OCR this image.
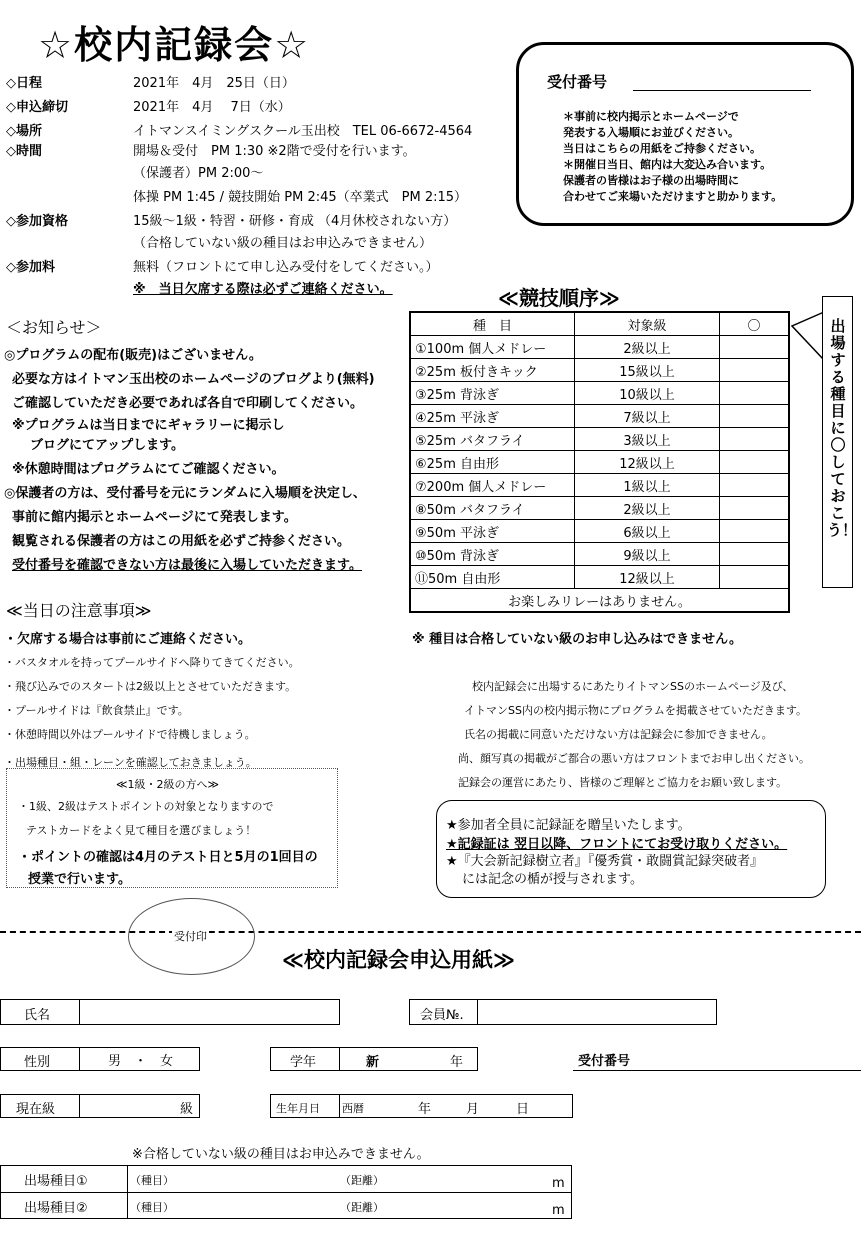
☆校内記録会☆
◇日程	2021年　4月　25日（日）
◇申込締切	2021年　4月　 7日（水）
◇場所	イトマンスイミングスクール玉出校　TEL 06-6672-4564
◇時間	開場＆受付　PM 1:30 ※2階で受付を行います。
（保護者）PM 2:00～
体操 PM 1:45 / 競技開始 PM 2:45（卒業式　PM 2:15）
◇参加資格	15級～1級・特習・研修・育成 （4月休校されない方）
（合格していない級の種目はお申込みできません）
◇参加料	無料（フロントにて申し込み受付をしてください。）
※　当日欠席する際は必ずご連絡ください。
受付番号
＊事前に校内掲示とホームページで
発表する入場順にお並びください。
当日はこちらの用紙をご持参ください。
＊開催日当日、館内は大変込み合います。
保護者の皆様はお子様の出場時間に
合わせてご来場いただけますと助かります。
＜お知らせ＞
◎プログラムの配布(販売)はございません。
必要な方はイトマン玉出校のホームページのブログより(無料)
ご確認していただき必要であれば各自で印刷してください。
※プログラムは当日までにギャラリーに掲示し
ブログにてアップします。
※休憩時間はプログラムにてご確認ください。
◎保護者の方は、受付番号を元にランダムに入場順を決定し、
事前に館内掲示とホームページにて発表します。
観覧される保護者の方はこの用紙を必ずご持参ください。
受付番号を確認できない方は最後に入場していただきます。
≪競技順序≫
種　目	対象級	〇
①100m 個人メドレー	2級以上	
②25m 板付きキック	15級以上	
③25m 背泳ぎ	10級以上	
④25m 平泳ぎ	7級以上	
⑤25m バタフライ	3級以上	
⑥25m 自由形	12級以上	
⑦200m 個人メドレー	1級以上	
⑧50m バタフライ	2級以上	
⑨50m 平泳ぎ	6級以上	
⑩50m 背泳ぎ	9級以上	
⑪50m 自由形	12級以上	
お楽しみリレーはありません。		
※ 種目は合格していない級のお申し込みはできません。
出場する種目に〇しておこう！
≪当日の注意事項≫
・欠席する場合は事前にご連絡ください。
・バスタオルを持ってプールサイドへ降りてきてください。
・飛び込みでのスタートは2級以上とさせていただきます。
・プールサイドは『飲食禁止』です。
・休憩時間以外はプールサイドで待機しましょう。
・出場種目・組・レーンを確認しておきましょう。
≪1級・2級の方へ≫
・1級、2級はテストポイントの対象となりますので
テストカードをよく見て種目を選びましょう！
・ポイントの確認は4月のテスト日と5月の1回目の
授業で行います。
校内記録会に出場するにあたりイトマンSSのホームページ及び、
イトマンSS内の校内掲示物にプログラムを掲載させていただきます。
氏名の掲載に同意いただけない方は記録会に参加できません。
尚、顔写真の掲載がご都合の悪い方はフロントまでお申し出ください。
記録会の運営にあたり、皆様のご理解とご協力をお願い致します。
★参加者全員に記録証を贈呈いたします。
★記録証は 翌日以降、フロントにてお受け取りください。
★『大会新記録樹立者』『優秀賞・敢闘賞記録突破者』
には記念の楯が授与されます。
受付印
≪校内記録会申込用紙≫
氏名	会員№.
性別	男　・　女	学年	新	年	受付番号
現在級	級	生年月日 西暦	年	月	日
※合格していない級の種目はお申込みできません。
出場種目①	（種目）	（距離）	m
出場種目②	（種目）	（距離）	m
